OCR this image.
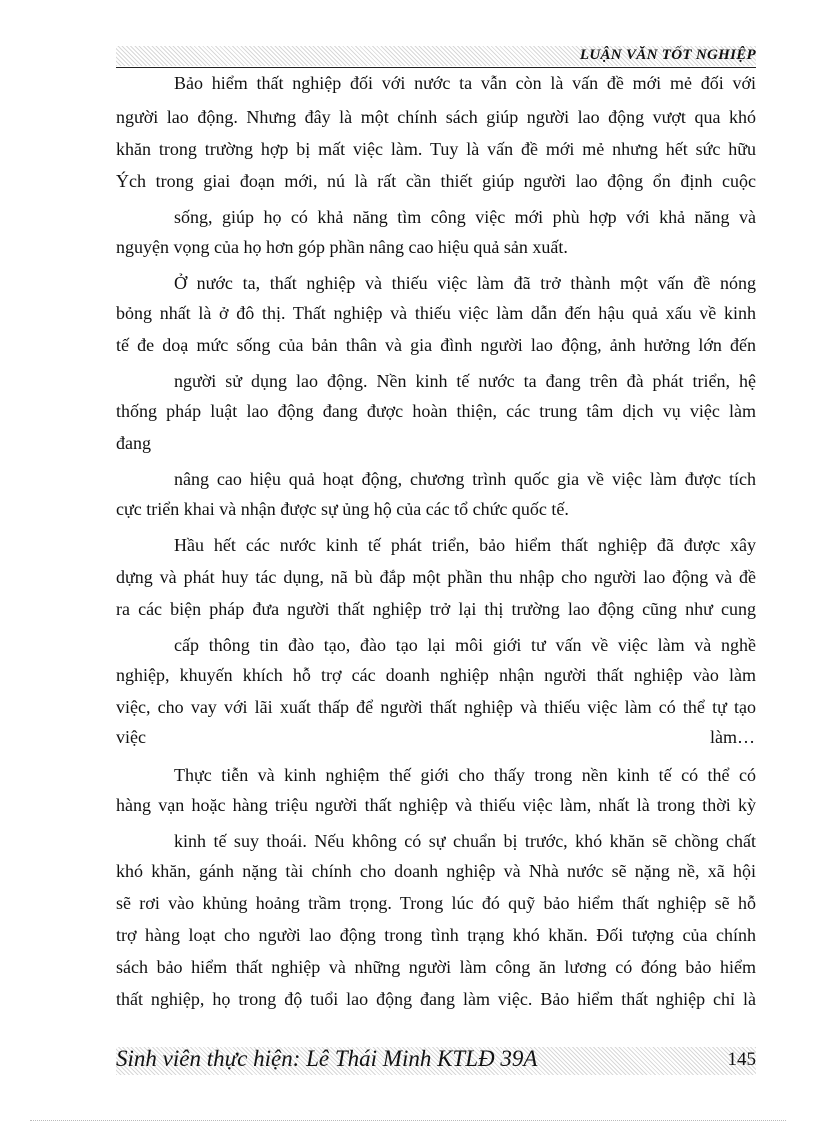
LUẬN VĂN TỐT NGHIỆP
Bảo hiểm thất nghiệp đối với nước ta vẫn còn là vấn đề mới mẻ đối với
người lao động. Nhưng đây là một chính sách giúp người lao động vượt qua khó
khăn trong trường hợp bị mất việc làm. Tuy là vấn đề mới mẻ nhưng hết sức hữu
Ých trong giai đoạn mới, nú là rất cần thiết giúp người lao động ổn định cuộc
sống, giúp họ có khả năng tìm công việc mới phù hợp với khả năng và
nguyện vọng của họ hơn góp phần nâng cao hiệu quả sản xuất.
Ở nước ta, thất nghiệp và thiếu việc làm đã trở thành một vấn đề nóng
bỏng nhất là ở đô thị. Thất nghiệp và thiếu việc làm dẫn đến hậu quả xấu về kinh
tế đe doạ mức sống của bản thân và gia đình người lao động, ảnh hưởng lớn đến
người sử dụng lao động. Nền kinh tế nước ta đang trên đà phát triển, hệ
thống pháp luật lao động đang được hoàn thiện, các trung tâm dịch vụ việc làm
đang
nâng cao hiệu quả hoạt động, chương trình quốc gia về việc làm được tích
cực triển khai và nhận được sự ủng hộ của các tổ chức quốc tế.
Hầu hết các nước kinh tế phát triển, bảo hiểm thất nghiệp đã được xây
dựng và phát huy tác dụng, nã bù đắp một phần thu nhập cho người lao động và đề
ra các biện pháp đưa người thất nghiệp trở lại thị trường lao động cũng như cung
cấp thông tin đào tạo, đào tạo lại môi giới tư vấn về việc làm và nghề
nghiệp, khuyến khích hỗ trợ các doanh nghiệp nhận người thất nghiệp vào làm
việc, cho vay với lãi xuất thấp để người thất nghiệp và thiếu việc làm có thể tự tạo
việc	làm…
Thực tiễn và kinh nghiệm thế giới cho thấy trong nền kinh tế có thể có
hàng vạn hoặc hàng triệu người thất nghiệp và thiếu việc làm, nhất là trong thời kỳ
kinh tế suy thoái. Nếu không có sự chuẩn bị trước, khó khăn sẽ chồng chất
khó khăn, gánh nặng tài chính cho doanh nghiệp và Nhà nước sẽ nặng nề, xã hội
sẽ rơi vào khủng hoảng trầm trọng. Trong lúc đó quỹ bảo hiểm thất nghiệp sẽ hỗ
trợ hàng loạt cho người lao động trong tình trạng khó khăn. Đối tượng của chính
sách bảo hiểm thất nghiệp và những người làm công ăn lương có đóng bảo hiểm
thất nghiệp, họ trong độ tuổi lao động đang làm việc. Bảo hiểm thất nghiệp chỉ là
Sinh viên thực hiện: Lê Thái Minh KTLĐ 39A	145
